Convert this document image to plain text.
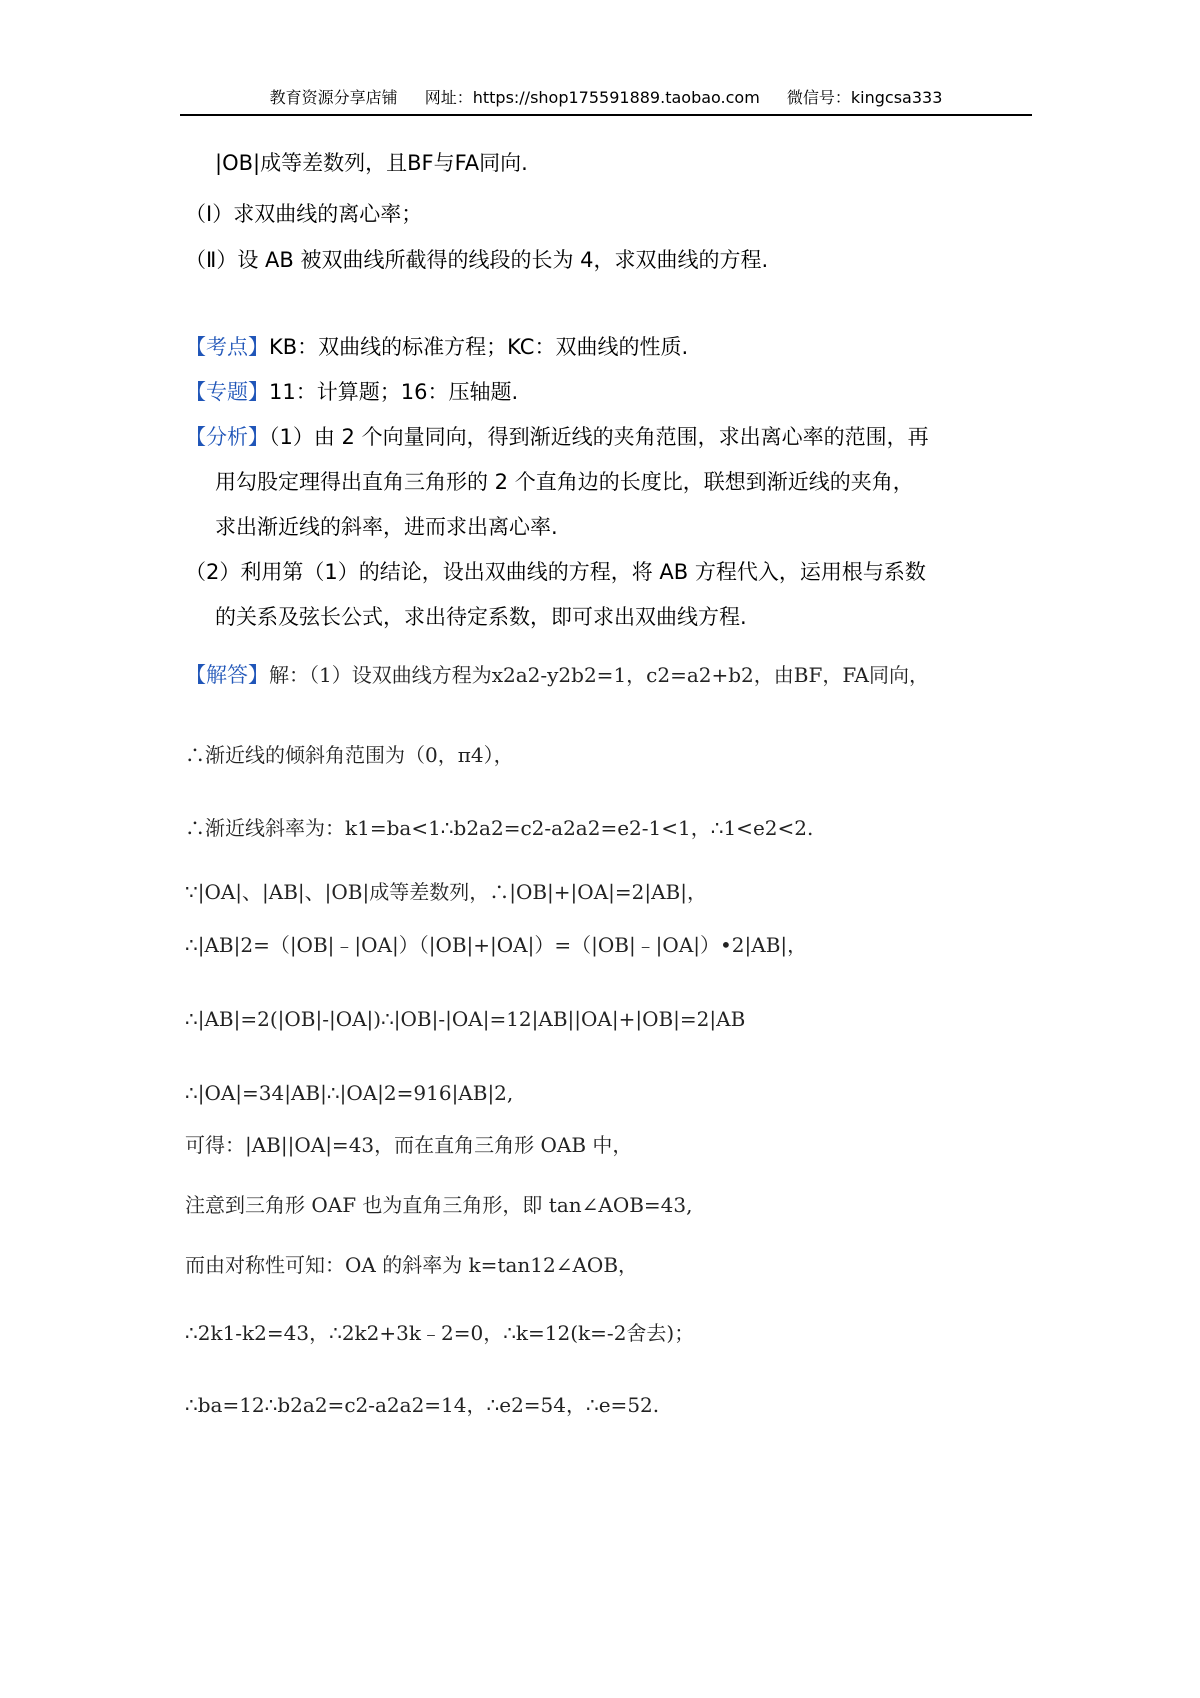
教育资源分享店铺 网址：https://shop175591889.taobao.com 微信号：kingcsa333
|OB|成等差数列，且BF与FA同向.
（Ⅰ）求双曲线的离心率；
（Ⅱ）设 AB 被双曲线所截得的线段的长为 4，求双曲线的方程.
【考点】KB：双曲线的标准方程；KC：双曲线的性质.
【专题】11：计算题；16：压轴题.
【分析】（1）由 2 个向量同向，得到渐近线的夹角范围，求出离心率的范围，再
用勾股定理得出直角三角形的 2 个直角边的长度比，联想到渐近线的夹角，
求出渐近线的斜率，进而求出离心率.
（2）利用第（1）的结论，设出双曲线的方程，将 AB 方程代入，运用根与系数
的关系及弦长公式，求出待定系数，即可求出双曲线方程.
【解答】解：（1）设双曲线方程为x2a2-y2b2=1，c2=a2+b2，由BF，FA同向，
∴渐近线的倾斜角范围为（0，π4），
∴渐近线斜率为：k1=ba<1∴b2a2=c2-a2a2=e2-1<1，∴1<e2<2.
∵|OA|、|AB|、|OB|成等差数列，∴|OB|+|OA|=2|AB|，
∴|AB|2=（|OB|﹣|OA|）（|OB|+|OA|）=（|OB|﹣|OA|）•2|AB|，
∴|AB|=2(|OB|-|OA|)∴|OB|-|OA|=12|AB||OA|+|OB|=2|AB
∴|OA|=34|AB|∴|OA|2=916|AB|2,
可得：|AB||OA|=43，而在直角三角形 OAB 中，
注意到三角形 OAF 也为直角三角形，即 tan∠AOB=43,
而由对称性可知：OA 的斜率为 k=tan12∠AOB，
∴2k1-k2=43，∴2k2+3k﹣2=0，∴k=12(k=-2舍去)；
∴ba=12∴b2a2=c2-a2a2=14，∴e2=54，∴e=52.
